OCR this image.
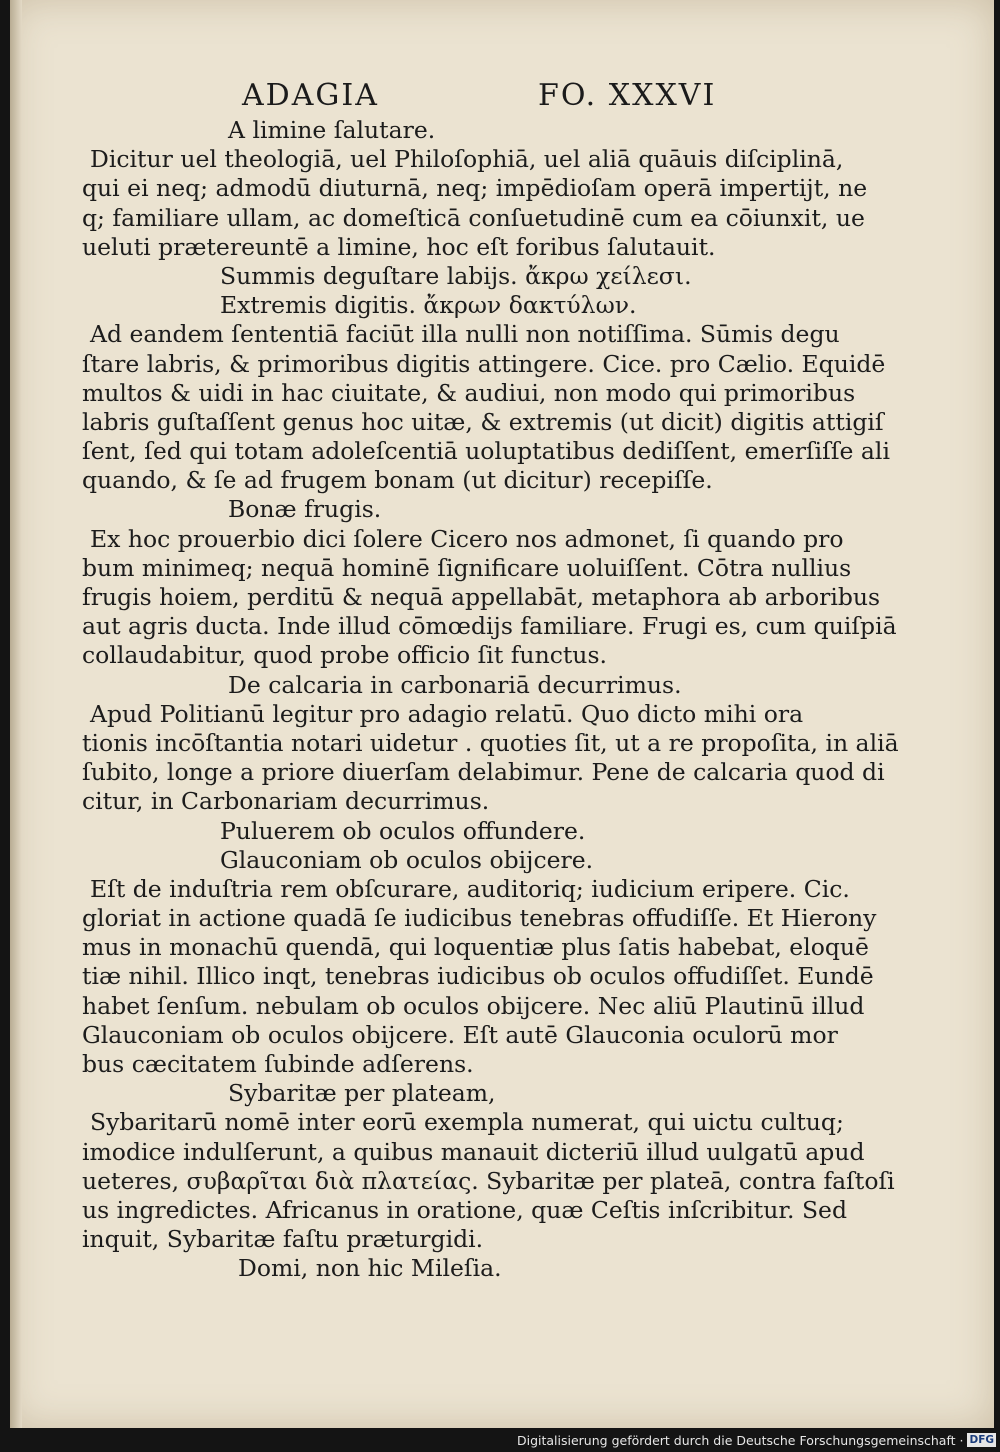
ADAGIA	FO. XXXVI
A limine ſalutare.
Dicitur uel theologiā, uel Philoſophiā, uel aliā quāuis diſciplinā,
qui ei neq; admodū diuturnā, neq; impēdioſam operā impertijt, ne
q; familiare ullam, ac domeſticā conſuetudinē cum ea cōiunxit, ue
ueluti prætereuntē a limine, hoc eſt foribus ſalutauit.
Summis deguſtare labijs. ἄκρω χείλεσι.
Extremis digitis. ἄκρων δακτύλων.
Ad eandem ſententiā faciūt illa nulli non notiſſima. Sūmis degu
ſtare labris, & primoribus digitis attingere. Cice. pro Cælio. Equidē
multos & uidi in hac ciuitate, & audiui, non modo qui primoribus
labris guſtaſſent genus hoc uitæ, & extremis (ut dicit) digitis attigiſ
ſent, ſed qui totam adoleſcentiā uoluptatibus dediſſent, emerſiſſe ali
quando, & ſe ad frugem bonam (ut dicitur) recepiſſe.
Bonæ frugis.
Ex hoc prouerbio dici ſolere Cicero nos admonet, ſi quando pro
bum minimeq; nequā hominē ſignificare uoluiſſent. Cōtra nullius
frugis hoiem, perditū & nequā appellabāt, metaphora ab arboribus
aut agris ducta. Inde illud cōmœdijs familiare. Frugi es, cum quiſpiā
collaudabitur, quod probe officio ſit functus.
De calcaria in carbonariā decurrimus.
Apud Politianū legitur pro adagio relatū. Quo dicto mihi ora
tionis incōſtantia notari uidetur . quoties ſit, ut a re propoſita, in aliā
ſubito, longe a priore diuerſam delabimur. Pene de calcaria quod di
citur, in Carbonariam decurrimus.
Puluerem ob oculos offundere.
Glauconiam ob oculos obijcere.
Eſt de induſtria rem obſcurare, auditoriq; iudicium eripere. Cic.
gloriat in actione quadā ſe iudicibus tenebras offudiſſe. Et Hierony
mus in monachū quendā, qui loquentiæ plus ſatis habebat, eloquē
tiæ nihil. Illico inqt, tenebras iudicibus ob oculos offudiſſet. Eundē
habet ſenſum. nebulam ob oculos obijcere. Nec aliū Plautinū illud
Glauconiam ob oculos obijcere. Eſt autē Glauconia oculorū mor
bus cæcitatem ſubinde adſerens.
Sybaritæ per plateam,
Sybaritarū nomē inter eorū exempla numerat, qui uictu cultuq;
imodice indulſerunt, a quibus manauit dicteriū illud uulgatū apud
ueteres, συβαρῖται διὰ πλατείας. Sybaritæ per plateā, contra faſtoſi
us ingredictes. Africanus in oratione, quæ Ceſtis inſcribitur. Sed
inquit, Sybaritæ faſtu præturgidi.
Domi, non hic Mileſia.
Digitalisierung gefördert durch die Deutsche Forschungsgemeinschaft · DFG
